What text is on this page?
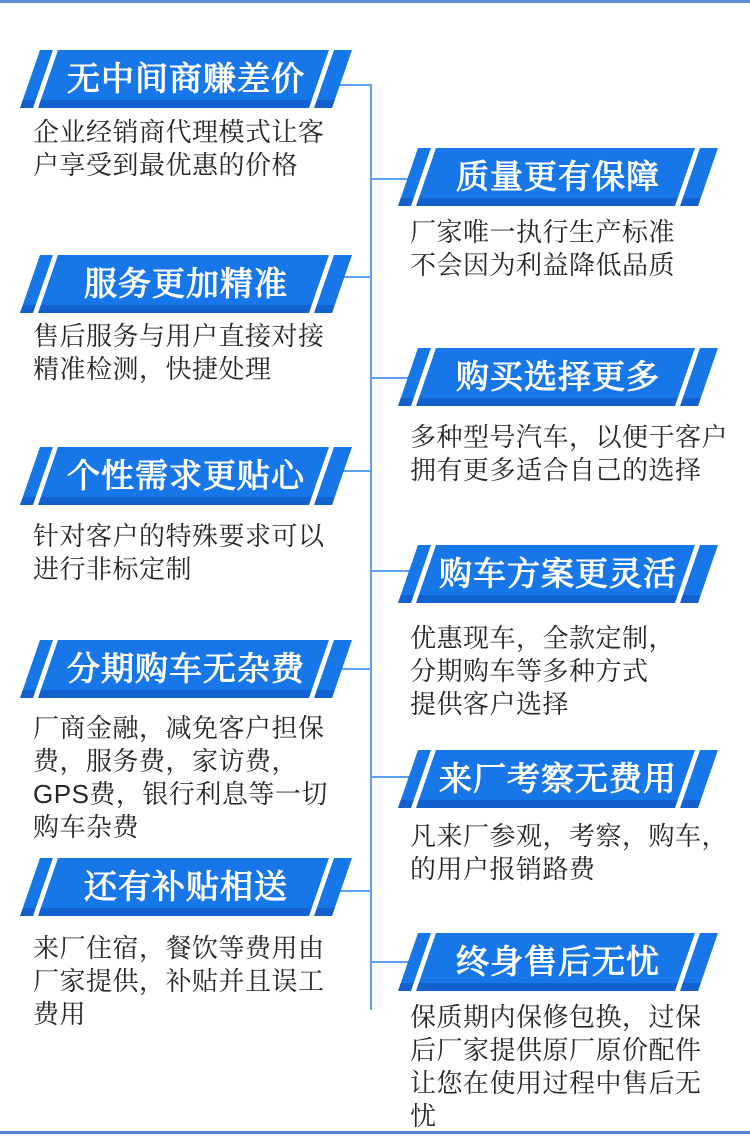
无中间商赚差价
企业经销商代理模式让客
户享受到最优惠的价格
服务更加精准
售后服务与用户直接对接
精准检测，快捷处理
个性需求更贴心
针对客户的特殊要求可以
进行非标定制
分期购车无杂费
厂商金融，减免客户担保
费，服务费，家访费，
GPS费，银行利息等一切
购车杂费
还有补贴相送
来厂住宿，餐饮等费用由
厂家提供，补贴并且误工
费用
质量更有保障
厂家唯一执行生产标准
不会因为利益降低品质
购买选择更多
多种型号汽车，以便于客户
拥有更多适合自己的选择
购车方案更灵活
优惠现车，全款定制，
分期购车等多种方式
提供客户选择
来厂考察无费用
凡来厂参观，考察，购车，
的用户报销路费
终身售后无忧
保质期内保修包换，过保
后厂家提供原厂原价配件
让您在使用过程中售后无
忧
